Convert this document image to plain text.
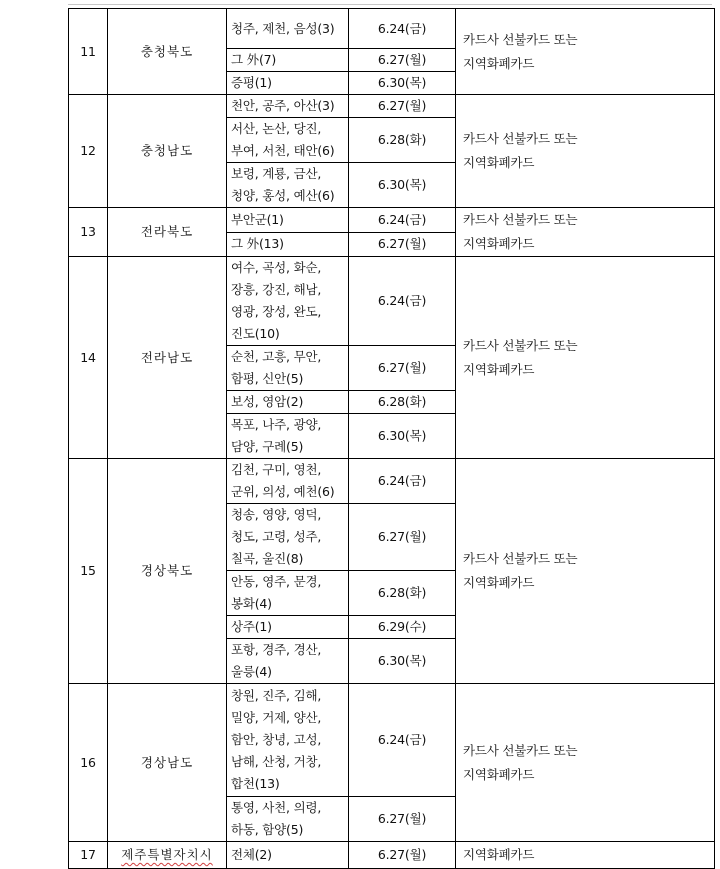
11	충청북도	청주, 제천, 음성(3)	6.24(금)	카드사 선불카드 또는
지역화폐카드

		그 外(7)	6.27(월)	

		증평(1)	6.30(목)	
12	충청남도	천안, 공주, 아산(3)	6.27(월)	카드사 선불카드 또는
지역화폐카드

		서산, 논산, 당진,
부여, 서천, 태안(6)	6.28(화)	

		보령, 계룡, 금산,
청양, 홍성, 예산(6)	6.30(목)	
13	전라북도	부안군(1)	6.24(금)	카드사 선불카드 또는
지역화폐카드

		그 外(13)	6.27(월)	
14	전라남도	여수, 곡성, 화순,
장흥, 강진, 해남,
영광, 장성, 완도,
진도(10)	6.24(금)	카드사 선불카드 또는
지역화폐카드

		순천, 고흥, 무안,
함평, 신안(5)	6.27(월)	

		보성, 영암(2)	6.28(화)	

		목포, 나주, 광양,
담양, 구례(5)	6.30(목)	
15	경상북도	김천, 구미, 영천,
군위, 의성, 예천(6)	6.24(금)	카드사 선불카드 또는
지역화폐카드

		청송, 영양, 영덕,
청도, 고령, 성주,
칠곡, 울진(8)	6.27(월)	

		안동, 영주, 문경,
봉화(4)	6.28(화)	

		상주(1)	6.29(수)	

		포항, 경주, 경산,
울릉(4)	6.30(목)	
16	경상남도	창원, 진주, 김해,
밀양, 거제, 양산,
함안, 창녕, 고성,
남해, 산청, 거창,
합천(13)	6.24(금)	카드사 선불카드 또는
지역화폐카드

		통영, 사천, 의령,
하동, 함양(5)	6.27(월)	
17	제주특별자치시	전체(2)	6.27(월)	지역화폐카드
